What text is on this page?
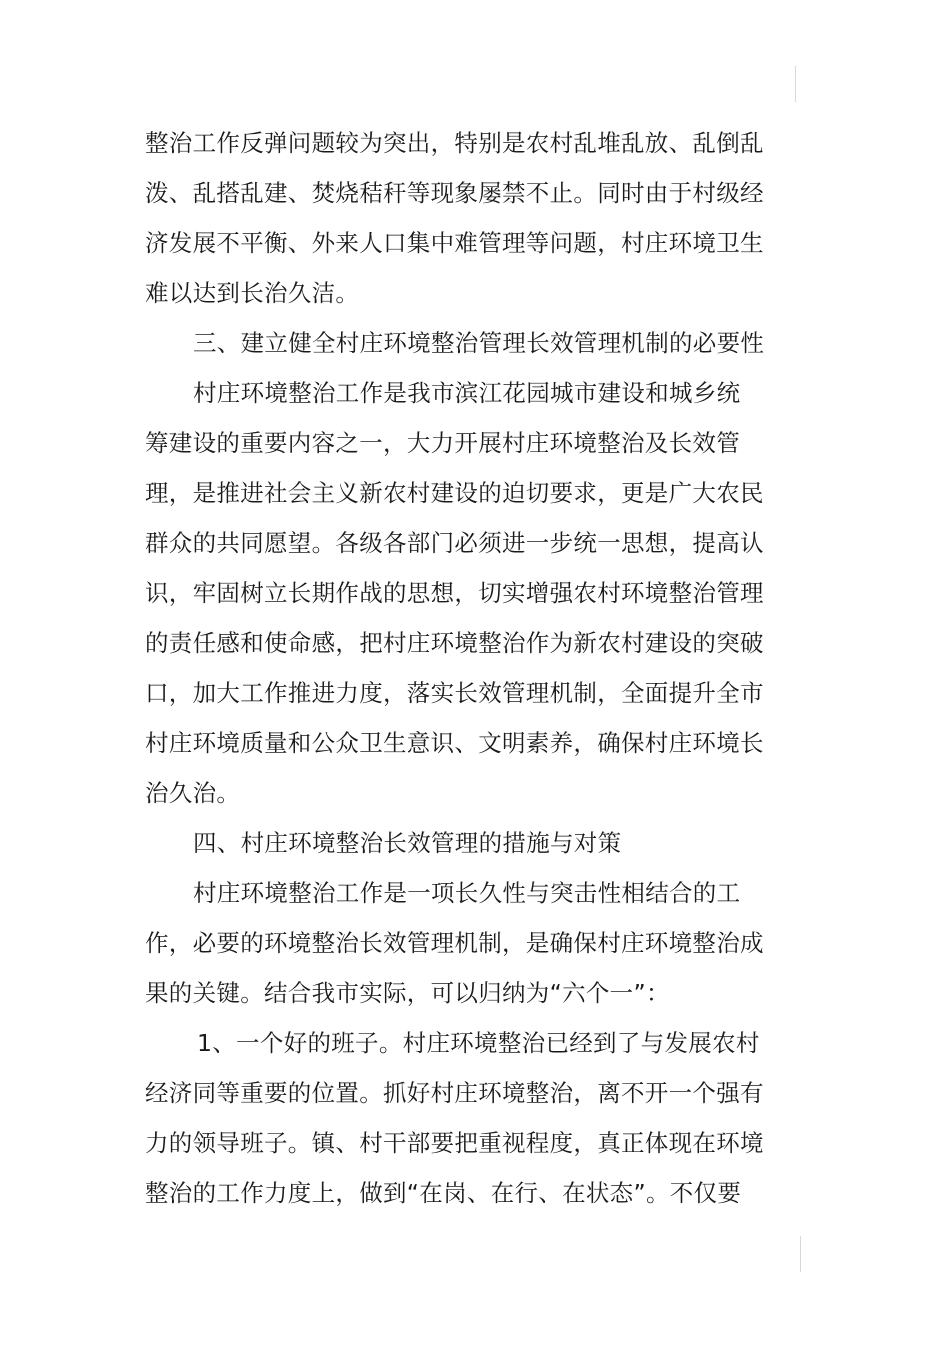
整治工作反弹问题较为突出，特别是农村乱堆乱放、乱倒乱
泼、乱搭乱建、焚烧秸秆等现象屡禁不止。同时由于村级经
济发展不平衡、外来人口集中难管理等问题，村庄环境卫生
难以达到长治久洁。
三、建立健全村庄环境整治管理长效管理机制的必要性
村庄环境整治工作是我市滨江花园城市建设和城乡统
筹建设的重要内容之一，大力开展村庄环境整治及长效管
理，是推进社会主义新农村建设的迫切要求，更是广大农民
群众的共同愿望。各级各部门必须进一步统一思想，提高认
识，牢固树立长期作战的思想，切实增强农村环境整治管理
的责任感和使命感，把村庄环境整治作为新农村建设的突破
口，加大工作推进力度，落实长效管理机制，全面提升全市
村庄环境质量和公众卫生意识、文明素养，确保村庄环境长
治久治。
四、村庄环境整治长效管理的措施与对策
村庄环境整治工作是一项长久性与突击性相结合的工
作，必要的环境整治长效管理机制，是确保村庄环境整治成
果的关键。结合我市实际，可以归纳为“六个一”：
1、一个好的班子。村庄环境整治已经到了与发展农村
经济同等重要的位置。抓好村庄环境整治，离不开一个强有
力的领导班子。镇、村干部要把重视程度，真正体现在环境
整治的工作力度上，做到“在岗、在行、在状态”。不仅要
